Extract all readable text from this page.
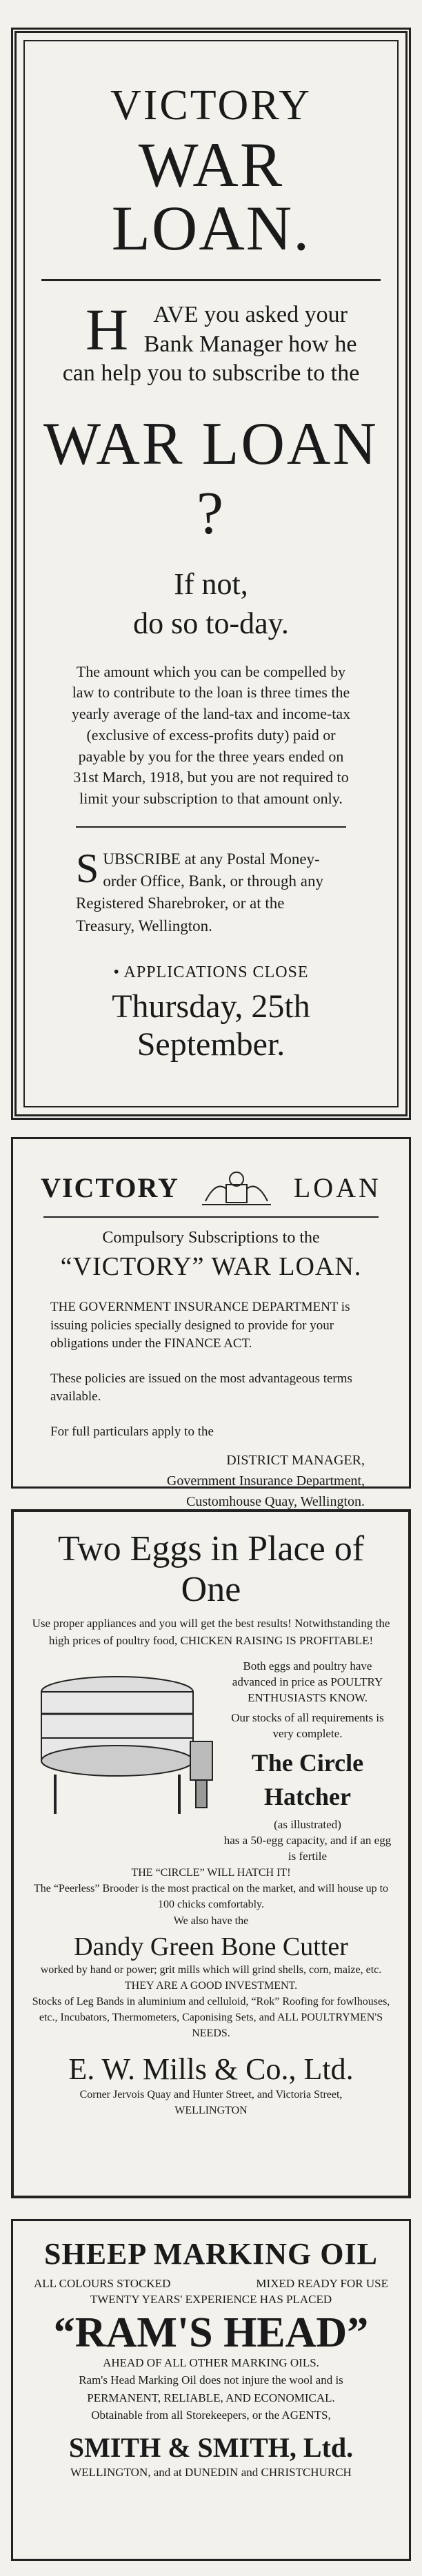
VICTORY
WAR LOAN.
H AVE you asked your Bank Manager how he can help you to subscribe to the
WAR LOAN ?
If not,
do so to-day.
The amount which you can be compelled by law to contribute to the loan is three times the yearly average of the land-tax and income-tax (exclusive of excess-profits duty) paid or payable by you for the three years ended on 31st March, 1918, but you are not required to limit your subscription to that amount only.
S UBSCRIBE at any Postal Money-order Office, Bank, or through any Registered Sharebroker, or at the Treasury, Wellington.
• APPLICATIONS CLOSE
Thursday, 25th September.
VICTORY	LOAN
Compulsory Subscriptions to the
“VICTORY” WAR LOAN.
THE GOVERNMENT INSURANCE DEPARTMENT is issuing policies specially designed to provide for your obligations under the FINANCE ACT.
These policies are issued on the most advantageous terms available.
For full particulars apply to the
DISTRICT MANAGER,
Government Insurance Department,
Customhouse Quay, Wellington.
Two Eggs in Place of One
Use proper appliances and you will get the best results! Notwithstanding the high prices of poultry food, CHICKEN RAISING IS PROFITABLE!
Both eggs and poultry have advanced in price as POULTRY ENTHUSIASTS KNOW.
Our stocks of all requirements is very complete.
The Circle Hatcher
(as illustrated)
has a 50-egg capacity, and if an egg is fertile
THE “CIRCLE” WILL HATCH IT!
The “Peerless” Brooder is the most practical on the market, and will house up to 100 chicks comfortably.
We also have the
Dandy Green Bone Cutter
worked by hand or power; grit mills which will grind shells, corn, maize, etc.
THEY ARE A GOOD INVESTMENT.
Stocks of Leg Bands in aluminium and celluloid, “Rok” Roofing for fowlhouses, etc., Incubators, Thermometers, Caponising Sets, and ALL POULTRYMEN'S NEEDS.
E. W. Mills & Co., Ltd.
Corner Jervois Quay and Hunter Street, and Victoria Street,
WELLINGTON
SHEEP MARKING OIL
ALL COLOURS STOCKED	MIXED READY FOR USE
TWENTY YEARS' EXPERIENCE HAS PLACED
“RAM'S HEAD”
AHEAD OF ALL OTHER MARKING OILS.
Ram's Head Marking Oil does not injure the wool and is
PERMANENT, RELIABLE, AND ECONOMICAL.
Obtainable from all Storekeepers, or the AGENTS,
SMITH & SMITH, Ltd.
WELLINGTON, and at DUNEDIN and CHRISTCHURCH
